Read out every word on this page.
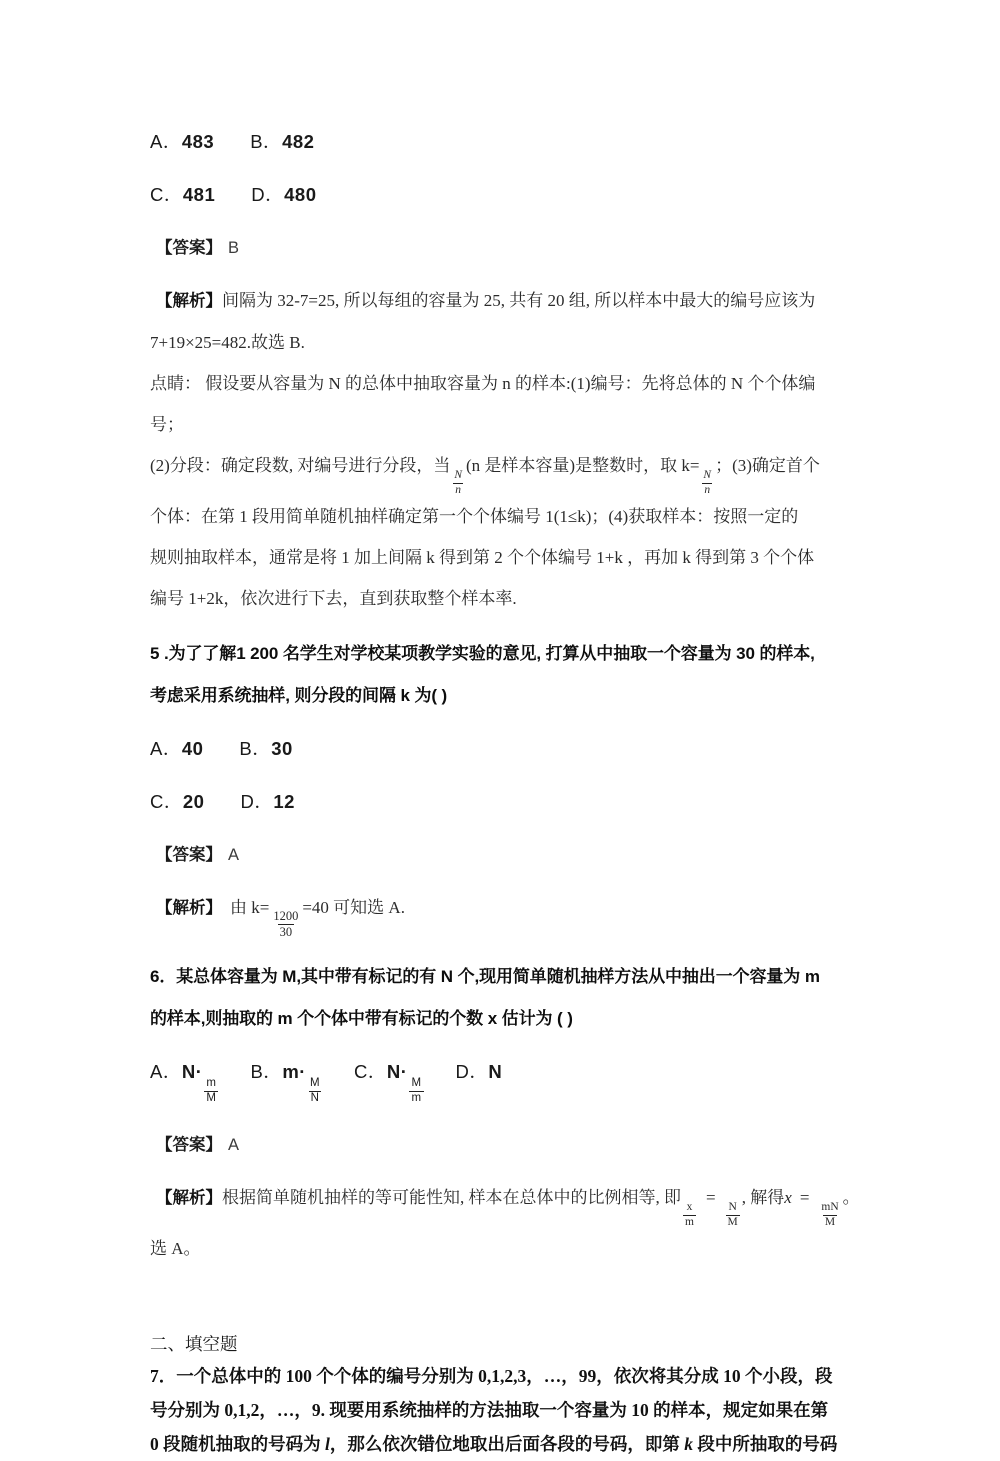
A．483 B．482
C．481 D．480
【答案】 B
【解析】间隔为 32-7=25, 所以每组的容量为 25, 共有 20 组, 所以样本中最大的编号应该为
7+19×25=482.故选 B.
点睛： 假设要从容量为 N 的总体中抽取容量为 n 的样本:(1)编号：先将总体的 N 个个体编
号；
(2)分段：确定段数, 对编号进行分段，当
$\frac{N}{n}$
(n 是样本容量)是整数时，取 k=
$\frac{N}{n}$
；(3)确定首个
个体：在第 1 段用简单随机抽样确定第一个个体编号 1(1≤k)；(4)获取样本：按照一定的
规则抽取样本，通常是将 1 加上间隔 k 得到第 2 个个体编号 1+k ，再加 k 得到第 3 个个体
编号 1+2k，依次进行下去，直到获取整个样本率.
5 .为了了解1 200 名学生对学校某项教学实验的意见, 打算从中抽取一个容量为 30 的样本,
考虑采用系统抽样, 则分段的间隔 k 为( )
A．40 B．30
C．20 D．12
【答案】 A
【解析】 由 k=
$\frac{1200}{30}$
=40 可知选 A.
6．某总体容量为 M,其中带有标记的有 N 个,现用简单随机抽样方法从中抽出一个容量为 m
的样本,则抽取的 m 个个体中带有标记的个数 x 估计为 ( )
A．N·
$\frac{m}{M}$
B．m·
$\frac{M}{N}$
C．N·
$\frac{M}{m}$
D．N
【答案】 A
【解析】根据简单随机抽样的等可能性知, 样本在总体中的比例相等, 即
$\frac{x}{m}$
=
$\frac{N}{M}$
, 解得x =
$\frac{mN}{M}$
。
选 A。
二、填空题
7．一个总体中的 100 个个体的编号分别为 0,1,2,3，…，99，依次将其分成 10 个小段，段
号分别为 0,1,2，…，9. 现要用系统抽样的方法抽取一个容量为 10 的样本，规定如果在第
0 段随机抽取的号码为 l，那么依次错位地取出后面各段的号码，即第 k 段中所抽取的号码
